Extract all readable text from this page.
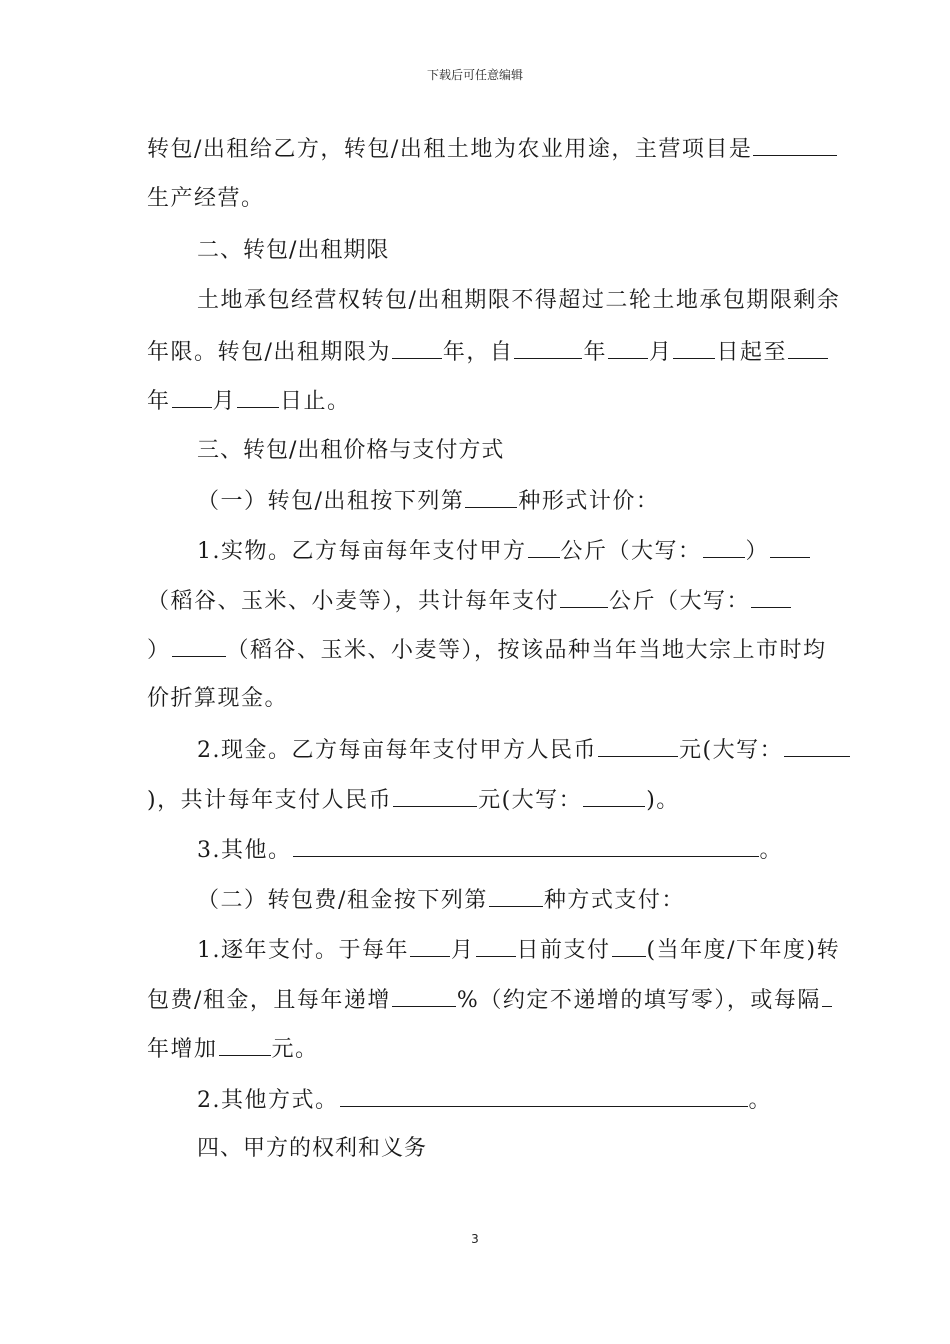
下载后可任意编辑
转包/出租给乙方，转包/出租土地为农业用途，主营项目是
生产经营。
二、转包/出租期限
土地承包经营权转包/出租期限不得超过二轮土地承包期限剩余
年限。转包/出租期限为 年，自	年 月 日起至
年 月 日止。
三、转包/出租价格与支付方式
（一）转包/出租按下列第 种形式计价：
1.实物。乙方每亩每年支付甲方 公斤（大写： ）
（稻谷、玉米、小麦等），共计每年支付 公斤（大写：
）	（稻谷、玉米、小麦等），按该品种当年当地大宗上市时均
价折算现金。
2.现金。乙方每亩每年支付甲方人民币	元(大写：
)，共计每年支付人民币	元(大写：	)。
3.其他。	。
（二）转包费/租金按下列第	种方式支付：
1.逐年支付。于每年 月 日前支付 (当年度/下年度)转
包费/租金，且每年递增	%（约定不递增的填写零），或每隔
年增加 元。
2.其他方式。	。
四、甲方的权利和义务
3
